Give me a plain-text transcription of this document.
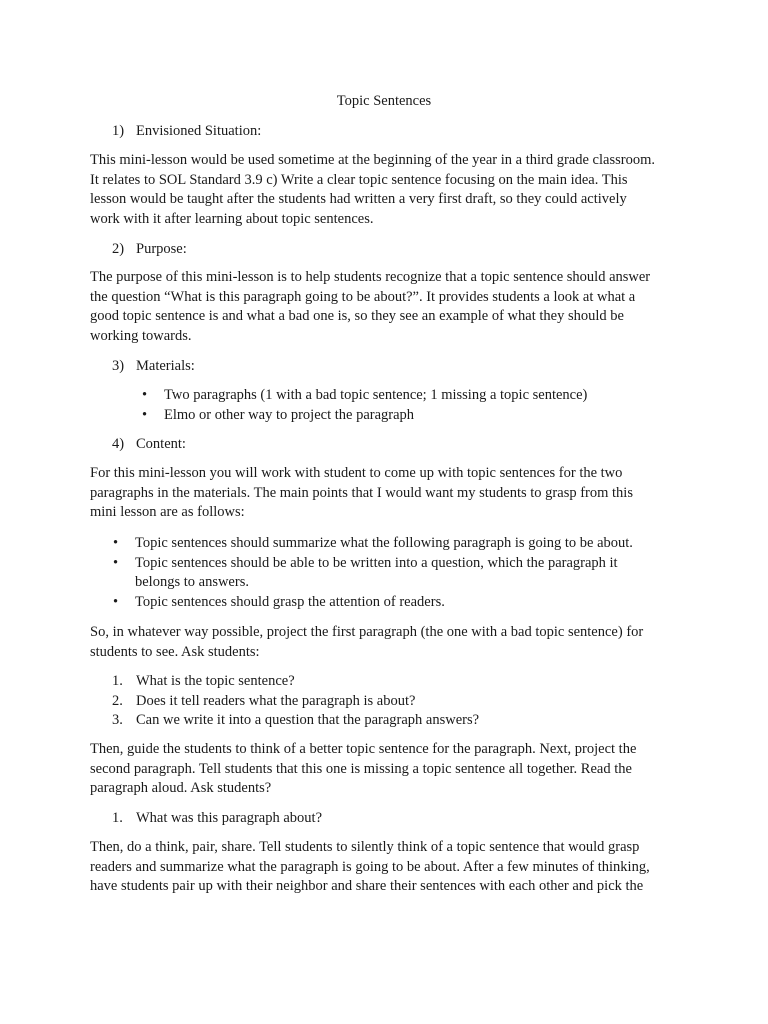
Topic Sentences
1) Envisioned Situation:
This mini-lesson would be used sometime at the beginning of the year in a third grade classroom.
It relates to SOL Standard 3.9 c) Write a clear topic sentence focusing on the main idea. This
lesson would be taught after the students had written a very first draft, so they could actively
work with it after learning about topic sentences.
2) Purpose:
The purpose of this mini-lesson is to help students recognize that a topic sentence should answer
the question “What is this paragraph going to be about?”. It provides students a look at what a
good topic sentence is and what a bad one is, so they see an example of what they should be
working towards.
3) Materials:
• Two paragraphs (1 with a bad topic sentence; 1 missing a topic sentence)
• Elmo or other way to project the paragraph
4) Content:
For this mini-lesson you will work with student to come up with topic sentences for the two
paragraphs in the materials. The main points that I would want my students to grasp from this
mini lesson are as follows:
• Topic sentences should summarize what the following paragraph is going to be about.
• Topic sentences should be able to be written into a question, which the paragraph it
belongs to answers.
• Topic sentences should grasp the attention of readers.
So, in whatever way possible, project the first paragraph (the one with a bad topic sentence) for
students to see. Ask students:
1. What is the topic sentence?
2. Does it tell readers what the paragraph is about?
3. Can we write it into a question that the paragraph answers?
Then, guide the students to think of a better topic sentence for the paragraph. Next, project the
second paragraph. Tell students that this one is missing a topic sentence all together. Read the
paragraph aloud. Ask students?
1. What was this paragraph about?
Then, do a think, pair, share. Tell students to silently think of a topic sentence that would grasp
readers and summarize what the paragraph is going to be about. After a few minutes of thinking,
have students pair up with their neighbor and share their sentences with each other and pick the
